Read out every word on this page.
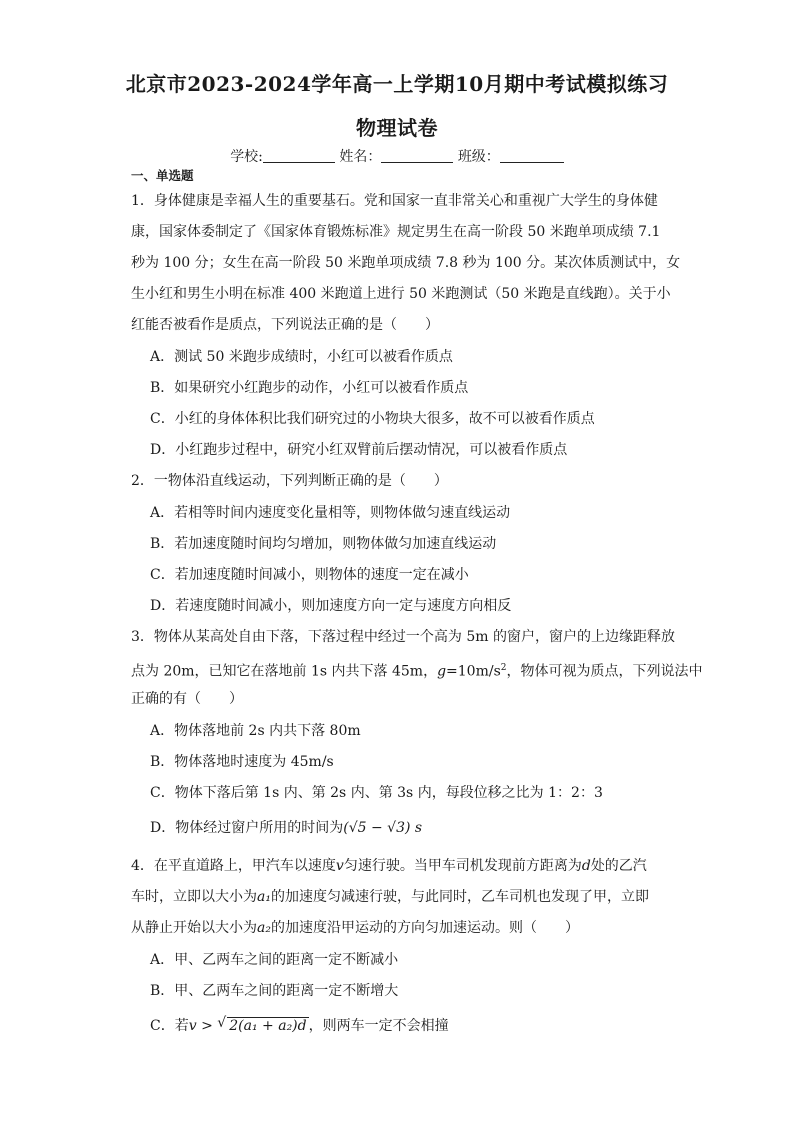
北京市2023-2024学年高一上学期10月期中考试模拟练习
物理试卷
学校:	姓名：	班级：
一、单选题
1．身体健康是幸福人生的重要基石。党和国家一直非常关心和重视广大学生的身体健
康，国家体委制定了《国家体育锻炼标准》规定男生在高一阶段 50 米跑单项成绩 7.1
秒为 100 分；女生在高一阶段 50 米跑单项成绩 7.8 秒为 100 分。某次体质测试中，女
生小红和男生小明在标准 400 米跑道上进行 50 米跑测试（50 米跑是直线跑）。关于小
红能否被看作是质点，下列说法正确的是（　　）
A．测试 50 米跑步成绩时，小红可以被看作质点
B．如果研究小红跑步的动作，小红可以被看作质点
C．小红的身体体积比我们研究过的小物块大很多，故不可以被看作质点
D．小红跑步过程中，研究小红双臂前后摆动情况，可以被看作质点
2．一物体沿直线运动，下列判断正确的是（　　）
A．若相等时间内速度变化量相等，则物体做匀速直线运动
B．若加速度随时间均匀增加，则物体做匀加速直线运动
C．若加速度随时间减小，则物体的速度一定在减小
D．若速度随时间减小，则加速度方向一定与速度方向相反
3．物体从某高处自由下落，下落过程中经过一个高为 5m 的窗户，窗户的上边缘距释放
点为 20m，已知它在落地前 1s 内共下落 45m，$g=10m/s^2$，物体可视为质点，下列说法中
正确的有（　　）
A．物体落地前 2s 内共下落 80m
B．物体落地时速度为 45m/s
C．物体下落后第 1s 内、第 2s 内、第 3s 内，每段位移之比为 1：2：3
D．物体经过窗户所用的时间为(√5 − √3) s
4．在平直道路上，甲汽车以速度v匀速行驶。当甲车司机发现前方距离为d处的乙汽
车时，立即以大小为a₁的加速度匀减速行驶，与此同时，乙车司机也发现了甲，立即
从静止开始以大小为a₂的加速度沿甲运动的方向匀加速运动。则（　　）
A．甲、乙两车之间的距离一定不断减小
B．甲、乙两车之间的距离一定不断增大
C．若v > √ 2(a₁ + a₂)d ，则两车一定不会相撞
